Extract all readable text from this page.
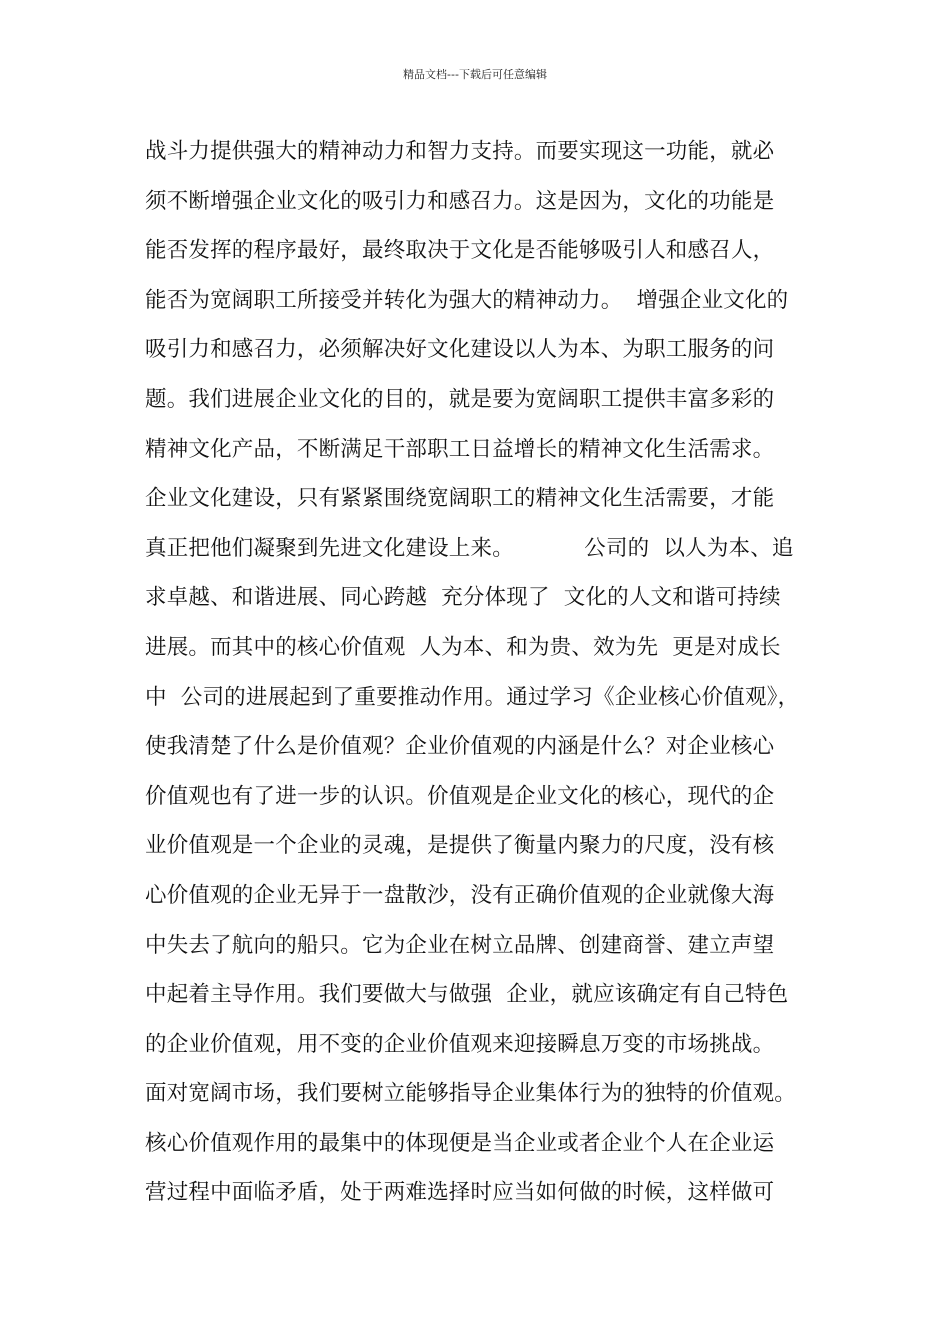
精品文档---下载后可任意编辑
战斗力提供强大的精神动力和智力支持。而要实现这一功能，就必
须不断增强企业文化的吸引力和感召力。这是因为，文化的功能是
能否发挥的程序最好，最终取决于文化是否能够吸引人和感召人，
能否为宽阔职工所接受并转化为强大的精神动力。  增强企业文化的
吸引力和感召力，必须解决好文化建设以人为本、为职工服务的问
题。我们进展企业文化的目的，就是要为宽阔职工提供丰富多彩的
精神文化产品，不断满足干部职工日益增长的精神文化生活需求。
企业文化建设，只有紧紧围绕宽阔职工的精神文化生活需要，才能
真正把他们凝聚到先进文化建设上来。          公司的  以人为本、追
求卓越、和谐进展、同心跨越  充分体现了  文化的人文和谐可持续
进展。而其中的核心价值观  人为本、和为贵、效为先  更是对成长
中  公司的进展起到了重要推动作用。通过学习《企业核心价值观》，
使我清楚了什么是价值观？企业价值观的内涵是什么？对企业核心
价值观也有了进一步的认识。价值观是企业文化的核心，现代的企
业价值观是一个企业的灵魂，是提供了衡量内聚力的尺度，没有核
心价值观的企业无异于一盘散沙，没有正确价值观的企业就像大海
中失去了航向的船只。它为企业在树立品牌、创建商誉、建立声望
中起着主导作用。我们要做大与做强  企业，就应该确定有自己特色
的企业价值观，用不变的企业价值观来迎接瞬息万变的市场挑战。
面对宽阔市场，我们要树立能够指导企业集体行为的独特的价值观。
核心价值观作用的最集中的体现便是当企业或者企业个人在企业运
营过程中面临矛盾，处于两难选择时应当如何做的时候，这样做可
